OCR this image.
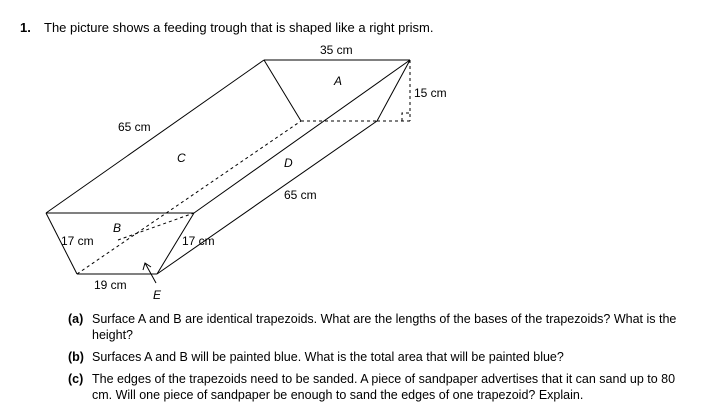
1. The picture shows a feeding trough that is shaped like a right prism.
35 cm
15 cm
65 cm
65 cm
17 cm	17 cm
19 cm
A
B
C	D
E
(a) Surface A and B are identical trapezoids. What are the lengths of the bases of the trapezoids? What is the height?
(b) Surfaces A and B will be painted blue. What is the total area that will be painted blue?
(c) The edges of the trapezoids need to be sanded. A piece of sandpaper advertises that it can sand up to 80 cm. Will one piece of sandpaper be enough to sand the edges of one trapezoid? Explain.
